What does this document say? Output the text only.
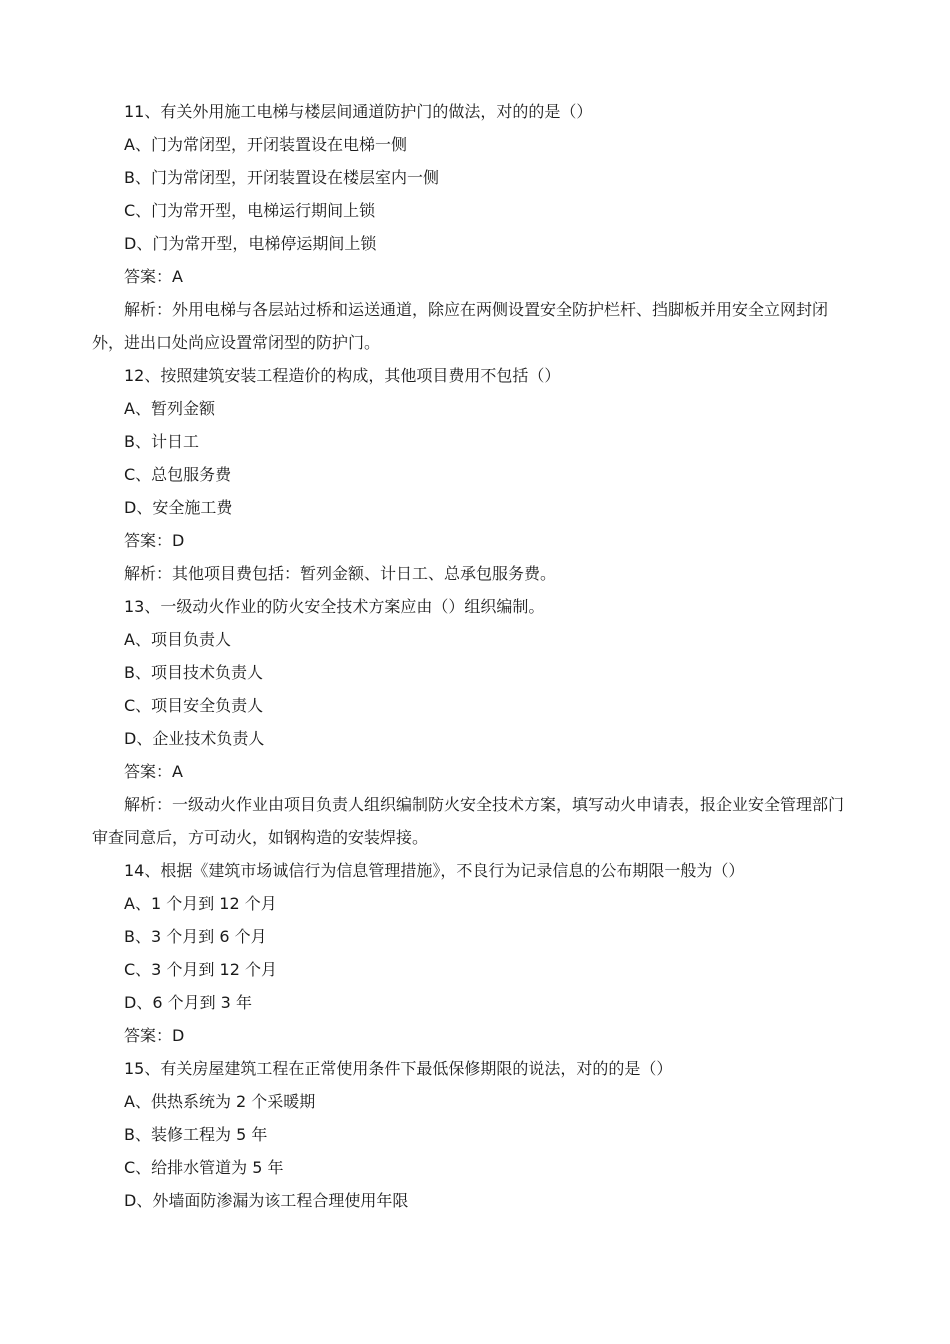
11、有关外用施工电梯与楼层间通道防护门的做法，对的的是（）
A、门为常闭型，开闭装置设在电梯一侧
B、门为常闭型，开闭装置设在楼层室内一侧
C、门为常开型，电梯运行期间上锁
D、门为常开型，电梯停运期间上锁
答案：A
解析：外用电梯与各层站过桥和运送通道，除应在两侧设置安全防护栏杆、挡脚板并用安全立网封闭外，进出口处尚应设置常闭型的防护门。
12、按照建筑安装工程造价的构成，其他项目费用不包括（）
A、暂列金额
B、计日工
C、总包服务费
D、安全施工费
答案：D
解析：其他项目费包括：暂列金额、计日工、总承包服务费。
13、一级动火作业的防火安全技术方案应由（）组织编制。
A、项目负责人
B、项目技术负责人
C、项目安全负责人
D、企业技术负责人
答案：A
解析：一级动火作业由项目负责人组织编制防火安全技术方案，填写动火申请表，报企业安全管理部门审查同意后，方可动火，如钢构造的安装焊接。
14、根据《建筑市场诚信行为信息管理措施》，不良行为记录信息的公布期限一般为（）
A、1 个月到 12 个月
B、3 个月到 6 个月
C、3 个月到 12 个月
D、6 个月到 3 年
答案：D
15、有关房屋建筑工程在正常使用条件下最低保修期限的说法，对的的是（）
A、供热系统为 2 个采暖期
B、装修工程为 5 年
C、给排水管道为 5 年
D、外墙面防渗漏为该工程合理使用年限
